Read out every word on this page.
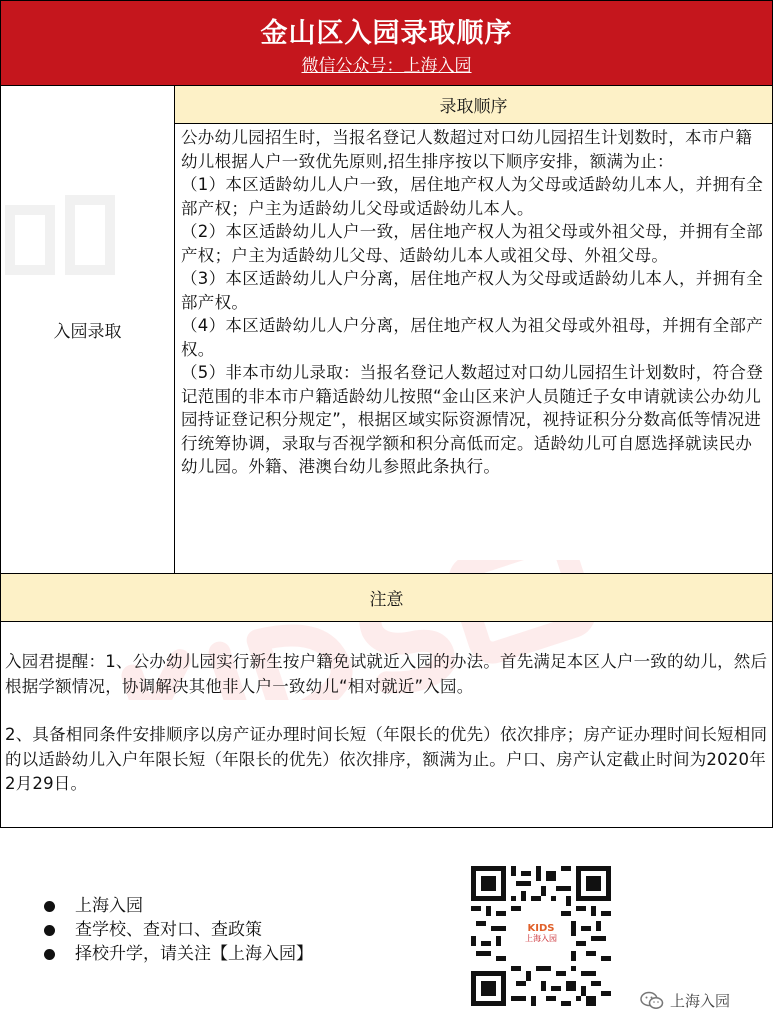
金山区入园录取顺序
微信公众号：上海入园
入园录取
录取顺序

公办幼儿园招生时，当报名登记人数超过对口幼儿园招生计划数时，本市户籍幼儿根据人户一致优先原则,招生排序按以下顺序安排，额满为止：

（1）本区适龄幼儿人户一致，居住地产权人为父母或适龄幼儿本人，并拥有全部产权；户主为适龄幼儿父母或适龄幼儿本人。

（2）本区适龄幼儿人户一致，居住地产权人为祖父母或外祖父母，并拥有全部产权；户主为适龄幼儿父母、适龄幼儿本人或祖父母、外祖父母。

（3）本区适龄幼儿人户分离，居住地产权人为父母或适龄幼儿本人，并拥有全部产权。

（4）本区适龄幼儿人户分离，居住地产权人为祖父母或外祖母，并拥有全部产权。

（5）非本市幼儿录取：当报名登记人数超过对口幼儿园招生计划数时，符合登记范围的非本市户籍适龄幼儿按照“金山区来沪人员随迁子女申请就读公办幼儿园持证登记积分规定”，根据区域实际资源情况，视持证积分分数高低等情况进行统筹协调，录取与否视学额和积分高低而定。适龄幼儿可自愿选择就读民办幼儿园。外籍、港澳台幼儿参照此条执行。

注意

入园君提醒：1、公办幼儿园实行新生按户籍免试就近入园的办法。首先满足本区人户一致的幼儿，然后根据学额情况，协调解决其他非人户一致幼儿“相对就近”入园。

2、具备相同条件安排顺序以房产证办理时间长短（年限长的优先）依次排序；房产证办理时间长短相同的以适龄幼儿入户年限长短（年限长的优先）依次排序，额满为止。户口、房产认定截止时间为2020年2月29日。

上海入园
查学校、查对口、查政策
择校升学，请关注【上海入园】
KIDS
上海入园
上海入园
